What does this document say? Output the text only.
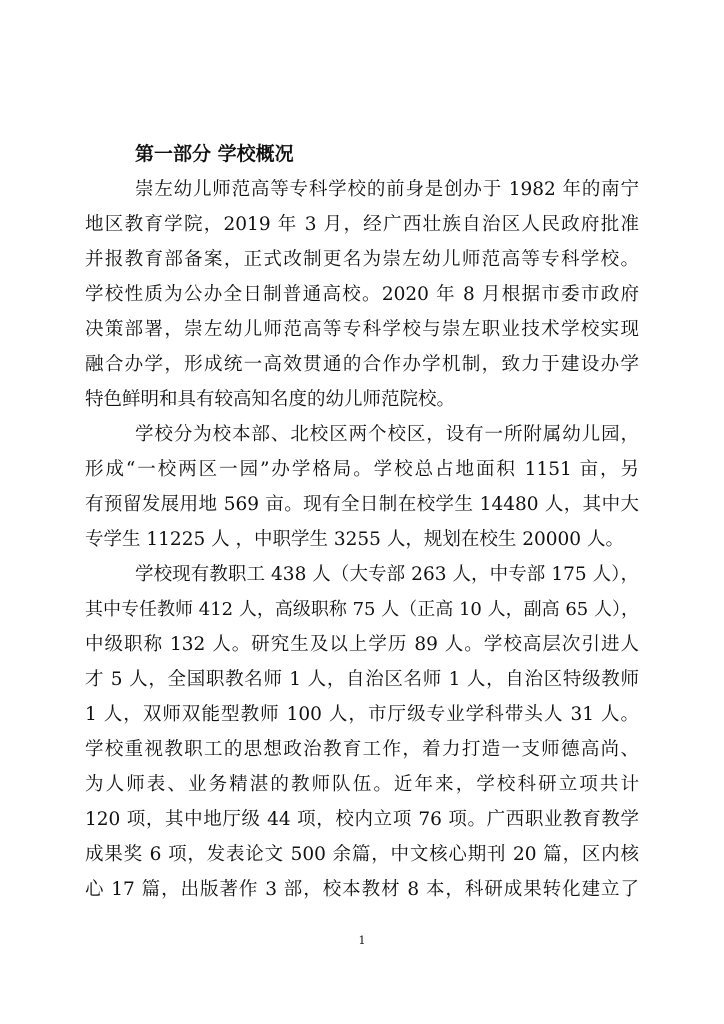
第一部分 学校概况
崇左幼儿师范高等专科学校的前身是创办于 1982 年的南宁
地区教育学院，2019 年 3 月，经广西壮族自治区人民政府批准
并报教育部备案，正式改制更名为崇左幼儿师范高等专科学校。
学校性质为公办全日制普通高校。2020 年 8 月根据市委市政府
决策部署，崇左幼儿师范高等专科学校与崇左职业技术学校实现
融合办学，形成统一高效贯通的合作办学机制，致力于建设办学
特色鲜明和具有较高知名度的幼儿师范院校。
学校分为校本部、北校区两个校区，设有一所附属幼儿园，
形成“一校两区一园”办学格局。学校总占地面积 1151 亩，另
有预留发展用地 569 亩。现有全日制在校学生 14480 人，其中大
专学生 11225 人 ，中职学生 3255 人，规划在校生 20000 人。
学校现有教职工 438 人（大专部 263 人，中专部 175 人），
其中专任教师 412 人，高级职称 75 人（正高 10 人，副高 65 人），
中级职称 132 人。研究生及以上学历 89 人。学校高层次引进人
才 5 人，全国职教名师 1 人，自治区名师 1 人，自治区特级教师
1 人，双师双能型教师 100 人，市厅级专业学科带头人 31 人。
学校重视教职工的思想政治教育工作，着力打造一支师德高尚、
为人师表、业务精湛的教师队伍。近年来，学校科研立项共计
120 项，其中地厅级 44 项，校内立项 76 项。广西职业教育教学
成果奖 6 项，发表论文 500 余篇，中文核心期刊 20 篇，区内核
心 17 篇，出版著作 3 部，校本教材 8 本，科研成果转化建立了
1
